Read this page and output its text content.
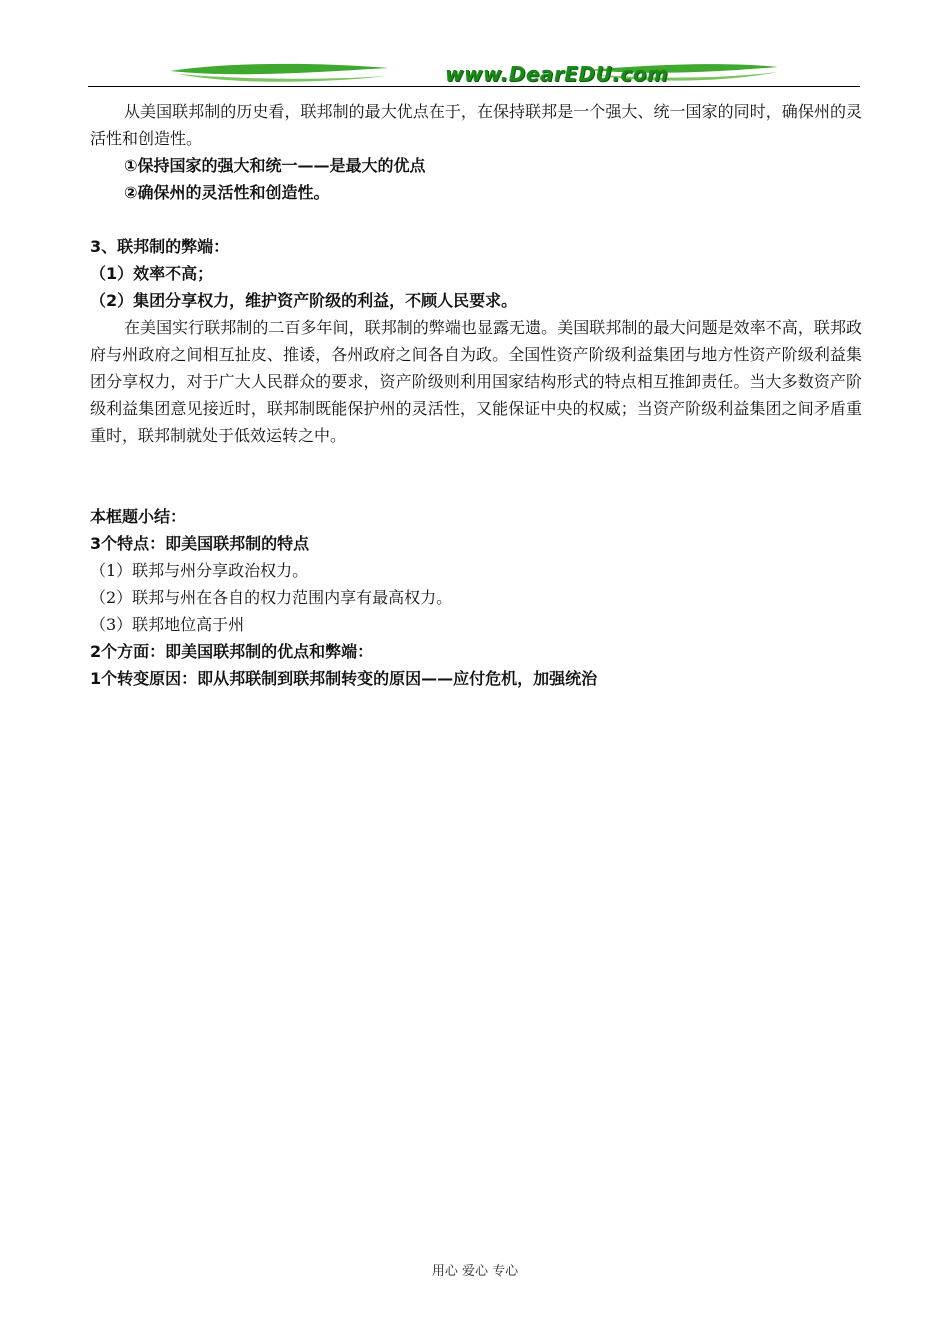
www.DearEDU.com

从美国联邦制的历史看，联邦制的最大优点在于，在保持联邦是一个强大、统一国家的同时，确保州的灵活性和创造性。

①保持国家的强大和统一——是最大的优点

②确保州的灵活性和创造性。

3、联邦制的弊端：

（1）效率不高；

（2）集团分享权力，维护资产阶级的利益，不顾人民要求。

在美国实行联邦制的二百多年间，联邦制的弊端也显露无遗。美国联邦制的最大问题是效率不高，联邦政府与州政府之间相互扯皮、推诿，各州政府之间各自为政。全国性资产阶级利益集团与地方性资产阶级利益集团分享权力，对于广大人民群众的要求，资产阶级则利用国家结构形式的特点相互推卸责任。当大多数资产阶级利益集团意见接近时，联邦制既能保护州的灵活性，又能保证中央的权威；当资产阶级利益集团之间矛盾重重时，联邦制就处于低效运转之中。

本框题小结：

3个特点：即美国联邦制的特点

（1）联邦与州分享政治权力。

（2）联邦与州在各自的权力范围内享有最高权力。

（3）联邦地位高于州

2个方面：即美国联邦制的优点和弊端：

1个转变原因：即从邦联制到联邦制转变的原因——应付危机，加强统治

用心 爱心 专心
